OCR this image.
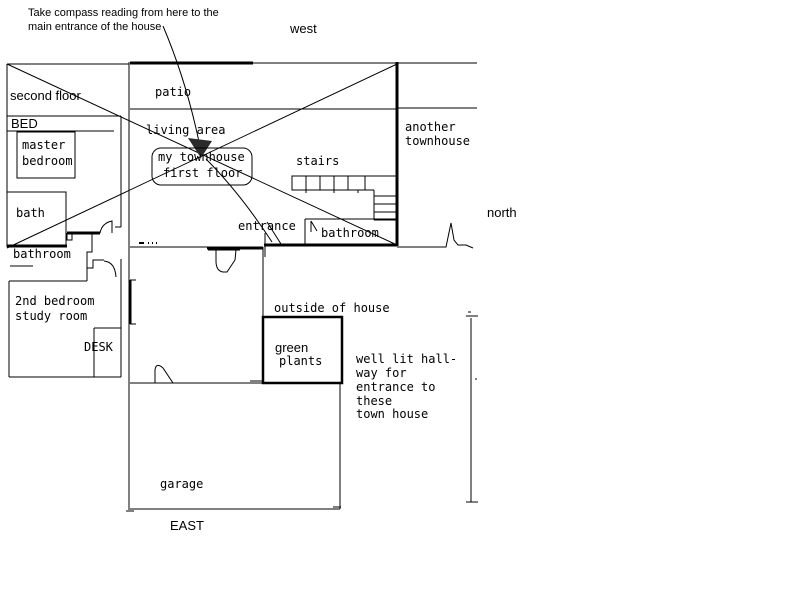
Take compass reading from here to the
main entrance of the house	west
north
EAST
second floor
BED
master
bedroom
bath
bathroom
patio
living area
my townhouse
first floor
stairs
entrance bathroom
another
townhouse
2nd bedroom
study room
DESK
outside of house
green
plants	well lit hall-
way for
entrance to
these
town house
garage
